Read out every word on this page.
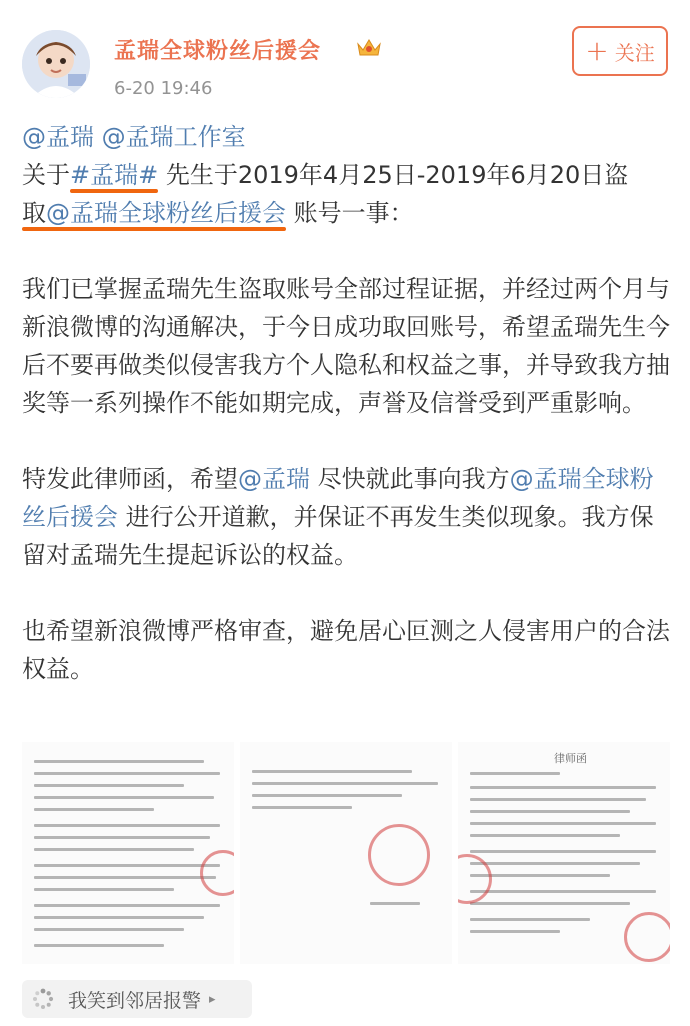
孟瑞全球粉丝后援会
6-20 19:46
+ 关注

@孟瑞 @孟瑞工作室

关于#孟瑞#
先生于2019年4月25日-2019年6月20日盗
取@孟瑞全球粉丝后援会
账号一事：

我们已掌握孟瑞先生盗取账号全部过程证据，并经过两个月与新浪微博的沟通解决，于今日成功取回账号，希望孟瑞先生今后不要再做类似侵害我方个人隐私和权益之事，并导致我方抽奖等一系列操作不能如期完成，声誉及信誉受到严重影响。

特发此律师函，希望@孟瑞 尽快就此事向我方@孟瑞全球粉丝后援会 进行公开道歉，并保证不再发生类似现象。我方保留对孟瑞先生提起诉讼的权益。

也希望新浪微博严格审查，避免居心叵测之人侵害用户的合法权益。

律师函
我笑到邻居报警 ▸
